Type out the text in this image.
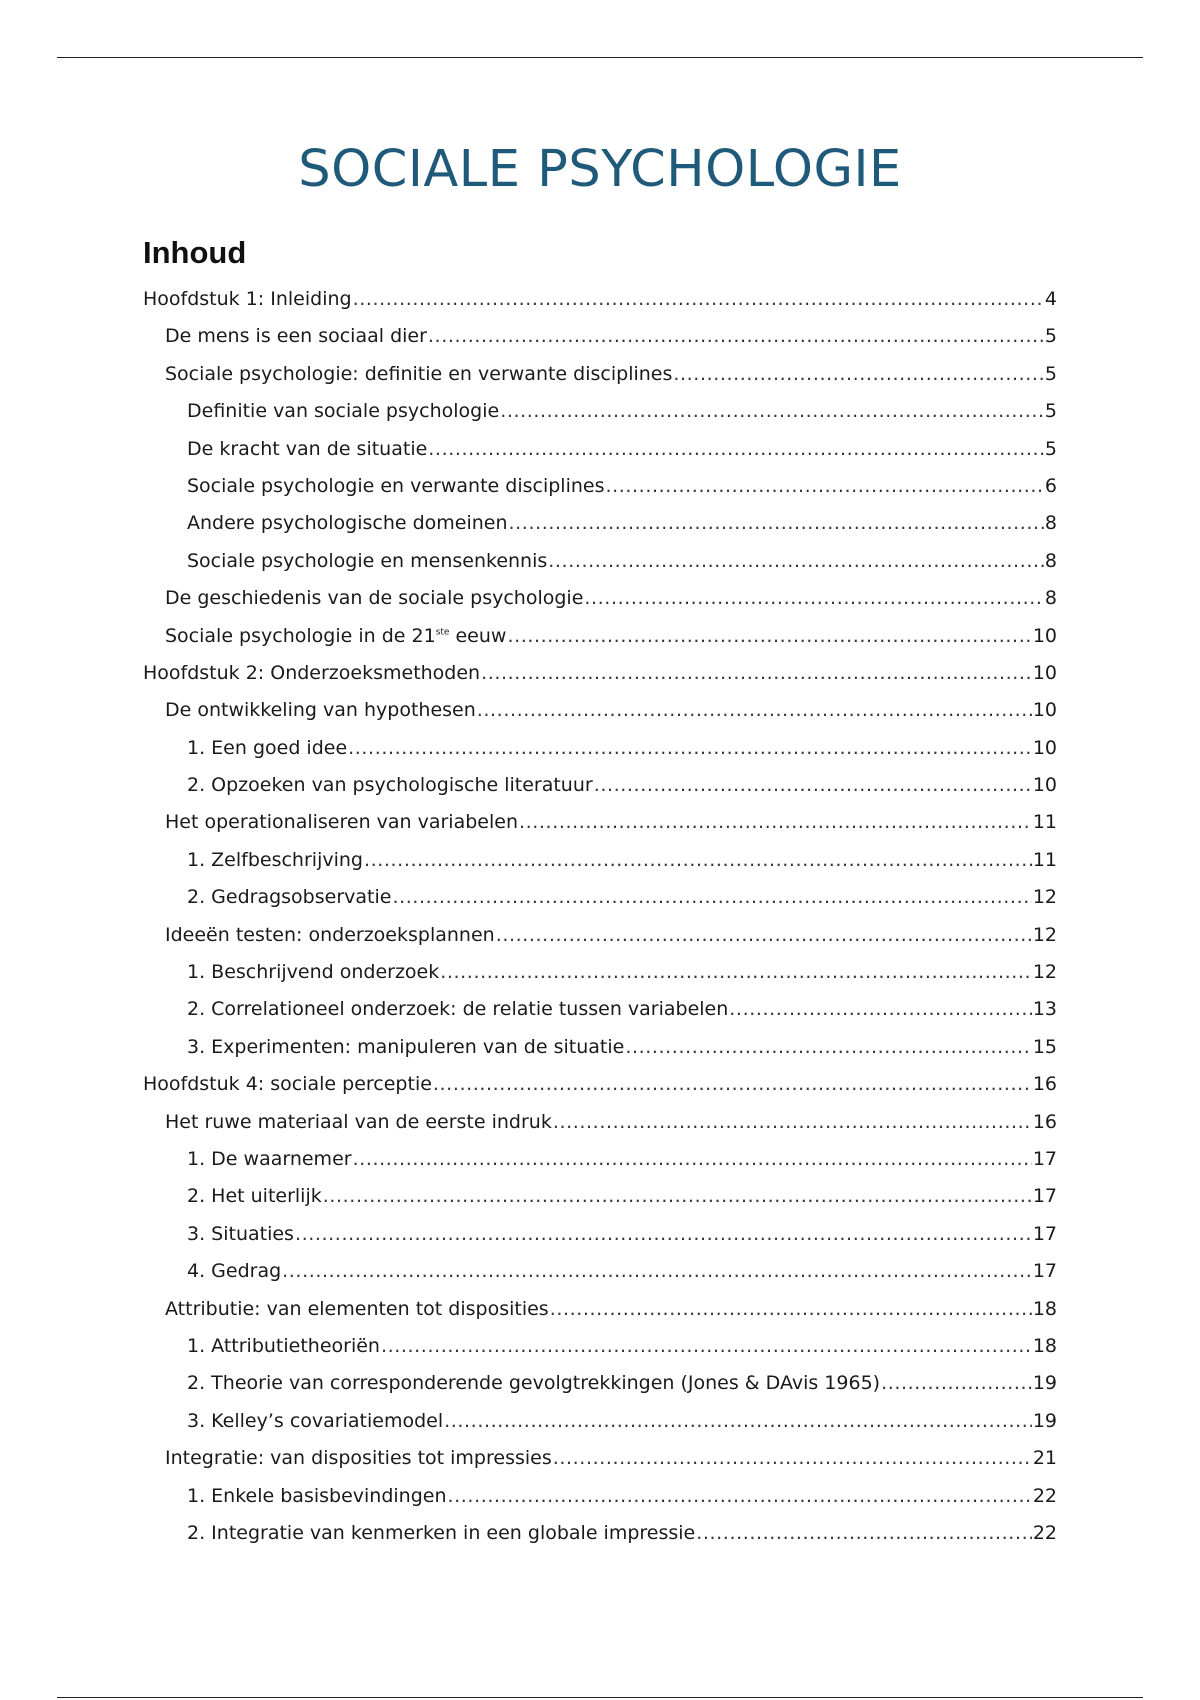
SOCIALE PSYCHOLOGIE
Inhoud
Hoofdstuk 1: Inleiding .....	4
De mens is een sociaal dier .....	5
Sociale psychologie: definitie en verwante disciplines .....	5
Definitie van sociale psychologie .....	5
De kracht van de situatie .....	5
Sociale psychologie en verwante disciplines .....	6
Andere psychologische domeinen .....	8
Sociale psychologie en mensenkennis .....	8
De geschiedenis van de sociale psychologie .....	8
Sociale psychologie in de 21ste eeuw .....	10
Hoofdstuk 2: Onderzoeksmethoden .....	10
De ontwikkeling van hypothesen .....	10
1. Een goed idee .....	10
2. Opzoeken van psychologische literatuur .....	10
Het operationaliseren van variabelen .....	11
1. Zelfbeschrijving .....	11
2. Gedragsobservatie .....	12
Ideeën testen: onderzoeksplannen .....	12
1. Beschrijvend onderzoek .....	12
2. Correlationeel onderzoek: de relatie tussen variabelen .....	13
3. Experimenten: manipuleren van de situatie .....	15
Hoofdstuk 4: sociale perceptie .....	16
Het ruwe materiaal van de eerste indruk .....	16
1. De waarnemer .....	17
2. Het uiterlijk .....	17
3. Situaties .....	17
4. Gedrag .....	17
Attributie: van elementen tot disposities .....	18
1. Attributietheoriën .....	18
2. Theorie van corresponderende gevolgtrekkingen (Jones & DAvis 1965) .....	19
3. Kelley’s covariatiemodel .....	19
Integratie: van disposities tot impressies .....	21
1. Enkele basisbevindingen .....	22
2. Integratie van kenmerken in een globale impressie .....	22
